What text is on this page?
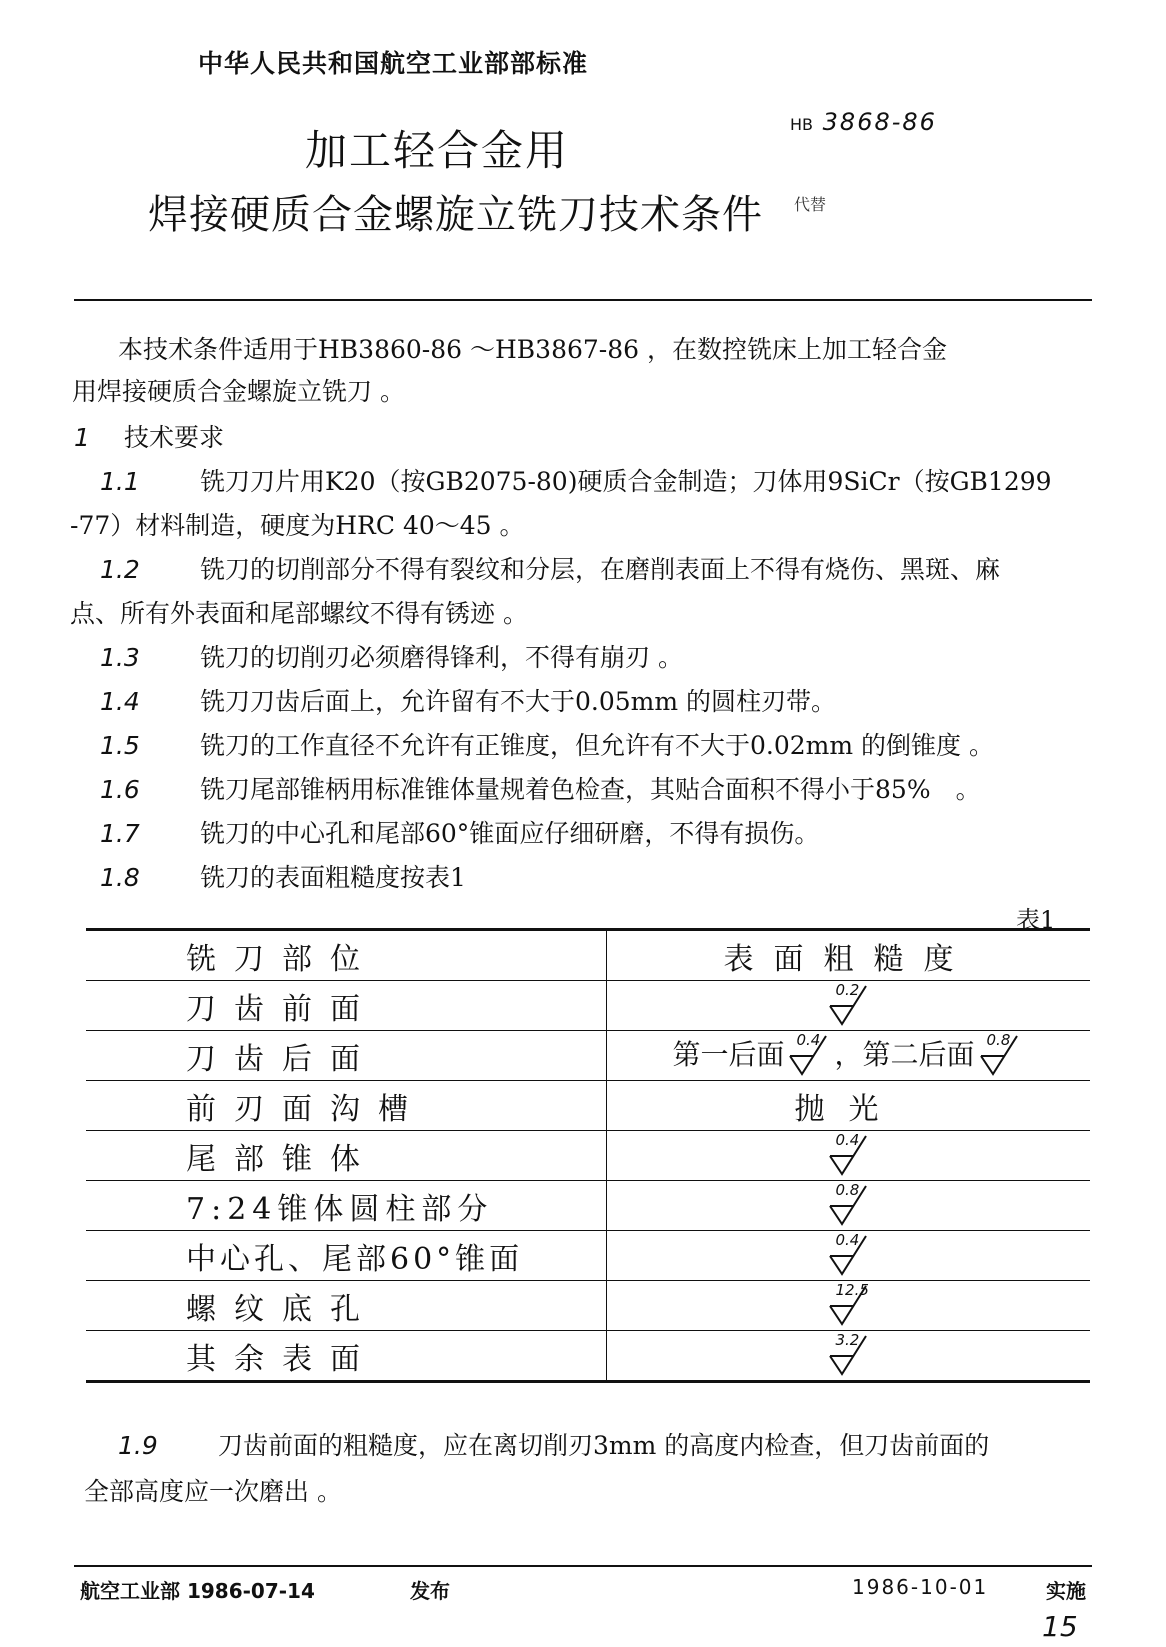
中华人民共和国航空工业部部标准
加工轻合金用
焊接硬质合金螺旋立铣刀技术条件
HB 3868-86
代替
本技术条件适用于HB3860-86 ～HB3867-86 ，在数控铣床上加工轻合金
用焊接硬质合金螺旋立铣刀 。
1 技术要求
1.1 铣刀刀片用K20（按GB2075-80)硬质合金制造；刀体用9SiCr（按GB1299
-77）材料制造，硬度为HRC 40～45 。
1.2 铣刀的切削部分不得有裂纹和分层，在磨削表面上不得有烧伤、黑斑、麻
点、所有外表面和尾部螺纹不得有锈迹 。
1.3 铣刀的切削刃必须磨得锋利，不得有崩刃 。
1.4 铣刀刀齿后面上，允许留有不大于0.05mm 的圆柱刃带。
1.5 铣刀的工作直径不允许有正锥度，但允许有不大于0.02mm 的倒锥度 。
1.6 铣刀尾部锥柄用标准锥体量规着色检查，其贴合面积不得小于85%　。
1.7 铣刀的中心孔和尾部60°锥面应仔细研磨，不得有损伤。
1.8 铣刀的表面粗糙度按表1
表1
铣刀部位	表面粗糙度
刀齿前面	0.2

刀齿后面	第一后面 0.4 ，第二后面 0.8

前刃面沟槽	抛光
尾部锥体	0.4

7:24锥体圆柱部分	0.8

中心孔、尾部60°锥面	0.4

螺纹底孔	12.5

其余表面	3.2
1.9 刀齿前面的粗糙度，应在离切削刃3mm 的高度内检查，但刀齿前面的
全部高度应一次磨出 。
航空工业部 1986-07-14	发布	1986-10-01	实施
15
